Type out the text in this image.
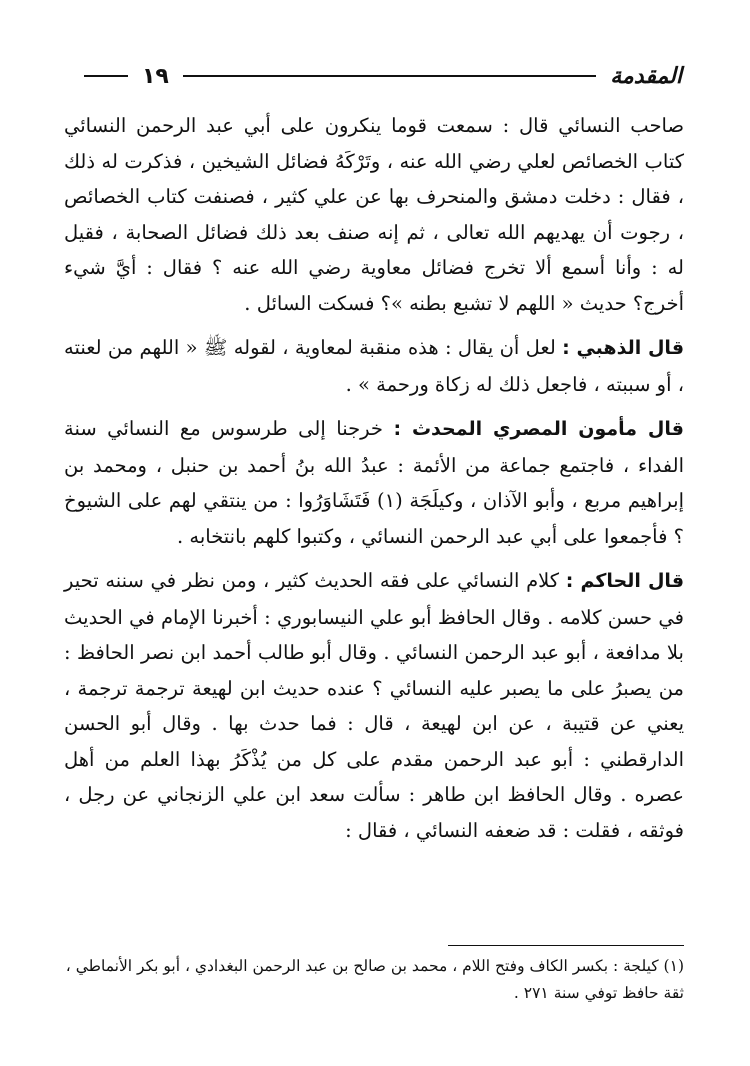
المقدمة
١٩

صاحب النسائي قال : سمعت قوما ينكرون على أبي عبد الرحمن النسائي كتاب الخصائص لعلي رضي الله عنه ، وتَرْكَهُ فضائل الشيخين ، فذكرت له ذلك ، فقال : دخلت دمشق والمنحرف بها عن علي كثير ، فصنفت كتاب الخصائص ، رجوت أن يهديهم الله تعالى ، ثم إنه صنف بعد ذلك فضائل الصحابة ، فقيل له : وأنا أسمع ألا تخرج فضائل معاوية رضي الله عنه ؟ فقال : أيَّ شيء أخرج؟ حديث « اللهم لا تشبع بطنه »؟ فسكت السائل .

قال الذهبي : لعل أن يقال : هذه منقبة لمعاوية ، لقوله ﷺ « اللهم من لعنته ، أو سببته ، فاجعل ذلك له زكاة ورحمة » .

قال مأمون المصري المحدث : خرجنا إلى طرسوس مع النسائي سنة الفداء ، فاجتمع جماعة من الأئمة : عبدُ الله بنُ أحمد بن حنبل ، ومحمد بن إبراهيم مربع ، وأبو الآذان ، وكيلَجَة (١) فَتَشَاوَرُوا : من ينتقي لهم على الشيوخ ؟ فأجمعوا على أبي عبد الرحمن النسائي ، وكتبوا كلهم بانتخابه .

قال الحاكم : كلام النسائي على فقه الحديث كثير ، ومن نظر في سننه تحير في حسن كلامه . وقال الحافظ أبو علي النيسابوري : أخبرنا الإمام في الحديث بلا مدافعة ، أبو عبد الرحمن النسائي . وقال أبو طالب أحمد ابن نصر الحافظ : من يصبرُ على ما يصبر عليه النسائي ؟ عنده حديث ابن لهيعة ترجمة ترجمة ، يعني عن قتيبة ، عن ابن لهيعة ، قال : فما حدث بها . وقال أبو الحسن الدارقطني : أبو عبد الرحمن مقدم على كل من يُذْكَرُ بهذا العلم من أهل عصره . وقال الحافظ ابن طاهر : سألت سعد ابن علي الزنجاني عن رجل ، فوثقه ، فقلت : قد ضعفه النسائي ، فقال :

(١) كيلجة : بكسر الكاف وفتح اللام ، محمد بن صالح بن عبد الرحمن البغدادي ، أبو بكر الأنماطي ، ثقة حافظ توفي سنة ٢٧١ .
